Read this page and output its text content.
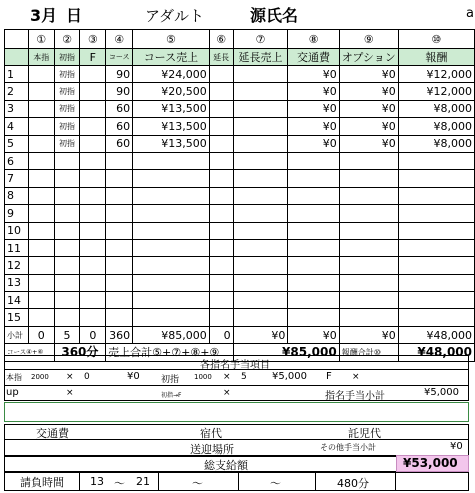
3月 日	アダルト	源氏名	a
	①	②	③	④	⑤	⑥	⑦	⑧	⑨	⑩
	本指	初指	F	コース	コース売上	延長	延長売上	交通費	オプション	報酬
1		初指		90	¥24,000			¥0	¥0	¥12,000
2		初指		90	¥20,500			¥0	¥0	¥12,000
3		初指		60	¥13,500			¥0	¥0	¥8,000
4		初指		60	¥13,500			¥0	¥0	¥8,000
5		初指		60	¥13,500			¥0	¥0	¥8,000
6										
7										
8										
9										
10										
11										
12										
13										
14										
15										
小計	0	5	0	360	¥85,000	0	¥0	¥0	¥0	¥48,000
コース④+⑥		360分		売上合計⑤+⑦+⑧+⑨			¥85,000		報酬合計⑩	¥48,000
各指名手当項目
本指 2000 × 0	¥0 初指 1000 × 5	¥5,000 F ×
up	×	初指→F	×	指名手当小計	¥5,000
交通費	宿代	託児代
送迎場所	その他手当小計	¥0
総支給額	¥53,000
請負時間 13 ～ 21	～	～	480分
